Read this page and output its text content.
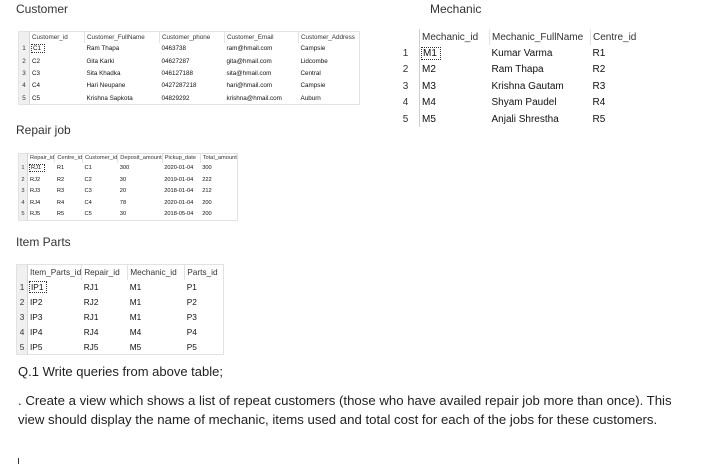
Customer
	Customer_id	Customer_FullName	Customer_phone	Customer_Email	Customer_Address
1	C1	Ram Thapa	0463738	ram@hmail.com	Campsie
2	C2	Gita Karki	04627287	gita@hmail.com	Lidcombe
3	C3	Sita Khadka	046127188	sita@hmail.com	Central
4	C4	Hari Neupane	0427287218	hari@hmail.com	Campsie
5	C5	Krishna Sapkota	04829292	krishna@hmail.com	Auburn
Mechanic
	Mechanic_id	Mechanic_FullName	Centre_id
1	M1	Kumar Varma	R1
2	M2	Ram Thapa	R2
3	M3	Krishna Gautam	R3
4	M4	Shyam Paudel	R4
5	M5	Anjali Shrestha	R5
Repair job
	Repair_id	Centre_id	Customer_id	Deposit_amount	Pickup_date	Total_amount
1	RJ1	R1	C1	300	2020-01-04	300
2	RJ2	R2	C2	30	2019-01-04	222
3	RJ3	R3	C3	20	2018-01-04	212
4	RJ4	R4	C4	78	2020-01-04	200
5	RJ5	R5	C5	30	2018-05-04	200
Item Parts
	Item_Parts_id	Repair_id	Mechanic_id	Parts_id
1	IP1	RJ1	M1	P1
2	IP2	RJ2	M1	P2
3	IP3	RJ1	M1	P3
4	IP4	RJ4	M4	P4
5	IP5	RJ5	M5	P5
Q.1 Write queries from above table;
. Create a view which shows a list of repeat customers (those who have availed repair job more than once). This view should display the name of mechanic, items used and total cost for each of the jobs for these customers.
